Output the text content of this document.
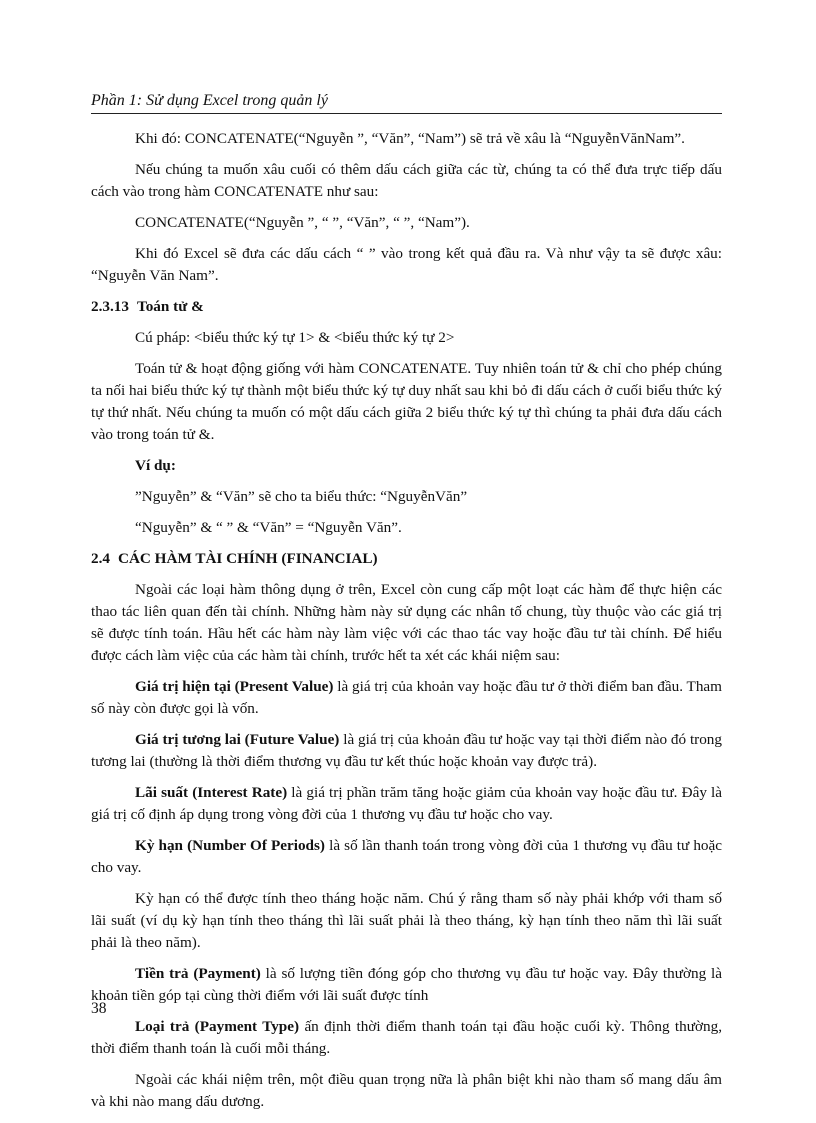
Phần 1: Sử dụng Excel trong quản lý

Khi đó: CONCATENATE(“Nguyễn ”, “Văn”, “Nam”) sẽ trả về xâu là “NguyễnVănNam”.

Nếu chúng ta muốn xâu cuối có thêm dấu cách giữa các từ, chúng ta có thể đưa trực tiếp dấu cách vào trong hàm CONCATENATE như sau:

CONCATENATE(“Nguyễn ”, “ ”, “Văn”, “ ”, “Nam”).

Khi đó Excel sẽ đưa các dấu cách “ ” vào trong kết quả đầu ra. Và như vậy ta sẽ được xâu: “Nguyễn Văn Nam”.

2.3.13 Toán tử &

Cú pháp: <biểu thức ký tự 1> & <biểu thức ký tự 2>

Toán tử & hoạt động giống với hàm CONCATENATE. Tuy nhiên toán tử & chỉ cho phép chúng ta nối hai biểu thức ký tự thành một biểu thức ký tự duy nhất sau khi bỏ đi dấu cách ở cuối biểu thức ký tự thứ nhất. Nếu chúng ta muốn có một dấu cách giữa 2 biểu thức ký tự thì chúng ta phải đưa dấu cách vào trong toán tử &.

Ví dụ:

”Nguyễn” & “Văn” sẽ cho ta biểu thức: “NguyễnVăn”

“Nguyễn” & “ ” & “Văn” = “Nguyễn Văn”.

2.4 CÁC HÀM TÀI CHÍNH (FINANCIAL)

Ngoài các loại hàm thông dụng ở trên, Excel còn cung cấp một loạt các hàm để thực hiện các thao tác liên quan đến tài chính. Những hàm này sử dụng các nhân tố chung, tùy thuộc vào các giá trị sẽ được tính toán. Hầu hết các hàm này làm việc với các thao tác vay hoặc đầu tư tài chính. Để hiểu được cách làm việc của các hàm tài chính, trước hết ta xét các khái niệm sau:

Giá trị hiện tại (Present Value) là giá trị của khoản vay hoặc đầu tư ở thời điểm ban đầu. Tham số này còn được gọi là vốn.

Giá trị tương lai (Future Value) là giá trị của khoản đầu tư hoặc vay tại thời điểm nào đó trong tương lai (thường là thời điểm thương vụ đầu tư kết thúc hoặc khoản vay được trả).

Lãi suất (Interest Rate) là giá trị phần trăm tăng hoặc giảm của khoản vay hoặc đầu tư. Đây là giá trị cố định áp dụng trong vòng đời của 1 thương vụ đầu tư hoặc cho vay.

Kỳ hạn (Number Of Periods) là số lần thanh toán trong vòng đời của 1 thương vụ đầu tư hoặc cho vay.

Kỳ hạn có thể được tính theo tháng hoặc năm. Chú ý rằng tham số này phải khớp với tham số lãi suất (ví dụ kỳ hạn tính theo tháng thì lãi suất phải là theo tháng, kỳ hạn tính theo năm thì lãi suất phải là theo năm).

Tiền trả (Payment) là số lượng tiền đóng góp cho thương vụ đầu tư hoặc vay. Đây thường là khoản tiền góp tại cùng thời điểm với lãi suất được tính

Loại trả (Payment Type) ấn định thời điểm thanh toán tại đầu hoặc cuối kỳ. Thông thường, thời điểm thanh toán là cuối mỗi tháng.

Ngoài các khái niệm trên, một điều quan trọng nữa là phân biệt khi nào tham số mang dấu âm và khi nào mang dấu dương.

38
